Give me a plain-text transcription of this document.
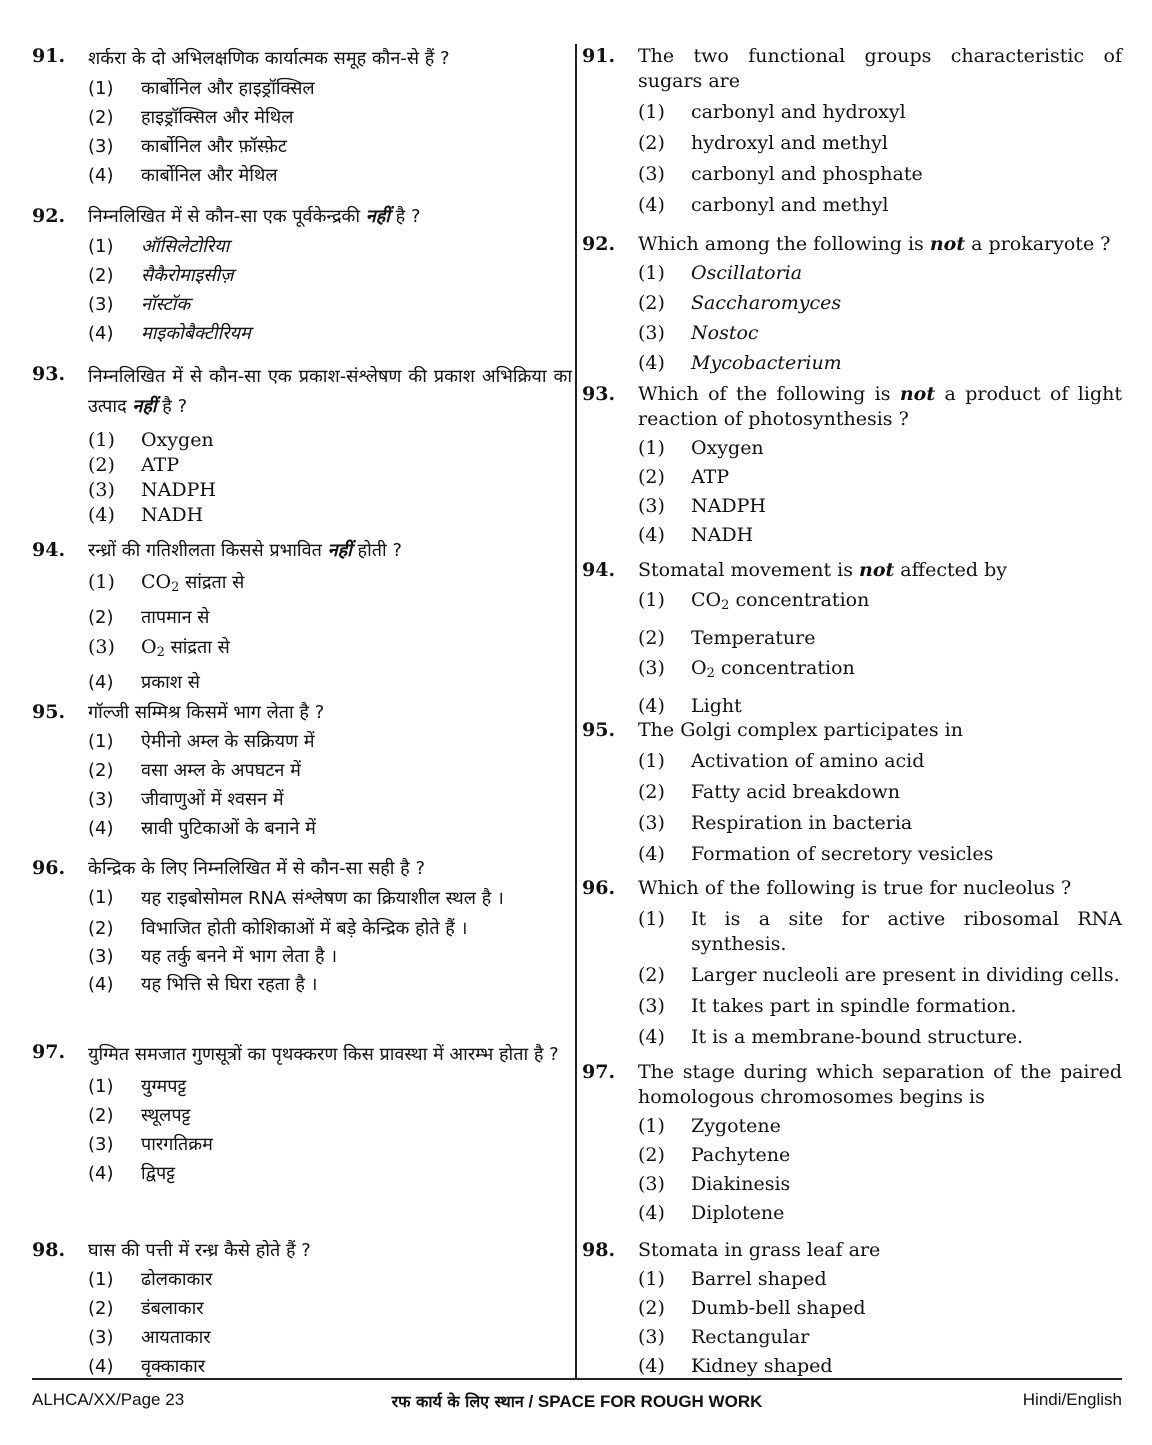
91. शर्करा के दो अभिलक्षणिक कार्यात्मक समूह कौन-से हैं ?
(1) कार्बोनिल और हाइड्रॉक्सिल
(2) हाइड्रॉक्सिल और मेथिल
(3) कार्बोनिल और फ़ॉस्फ़ेट
(4) कार्बोनिल और मेथिल
92. निम्नलिखित में से कौन-सा एक पूर्वकेन्द्रकी नहीं है ?
(1) ऑसिलेटोरिया
(2) सैकैरोमाइसीज़
(3) नॉस्टॉक
(4) माइकोबैक्टीरियम
93. निम्नलिखित में से कौन-सा एक प्रकाश-संश्लेषण की प्रकाश अभिक्रिया का उत्पाद नहीं है ?
(1) Oxygen
(2) ATP
(3) NADPH
(4) NADH
94. रन्ध्रों की गतिशीलता किससे प्रभावित नहीं होती ?
(1) $CO_2$ सांद्रता से
(2) तापमान से
(3) $O_2$ सांद्रता से
(4) प्रकाश से
95. गॉल्जी सम्मिश्र किसमें भाग लेता है ?
(1) ऐमीनो अम्ल के सक्रियण में
(2) वसा अम्ल के अपघटन में
(3) जीवाणुओं में श्वसन में
(4) स्रावी पुटिकाओं के बनाने में
96. केन्द्रिक के लिए निम्नलिखित में से कौन-सा सही है ?
(1) यह राइबोसोमल RNA संश्लेषण का क्रियाशील स्थल है ।
(2) विभाजित होती कोशिकाओं में बड़े केन्द्रिक होते हैं ।
(3) यह तर्कु बनने में भाग लेता है ।
(4) यह भित्ति से घिरा रहता है ।
97. युग्मित समजात गुणसूत्रों का पृथक्करण किस प्रावस्था में आरम्भ होता है ?
(1) युग्मपट्ट
(2) स्थूलपट्ट
(3) पारगतिक्रम
(4) द्विपट्ट
98. घास की पत्ती में रन्ध्र कैसे होते हैं ?
(1) ढोलकाकार
(2) डंबलाकार
(3) आयताकार
(4) वृक्काकार
91. The two functional groups characteristic of sugars are
(1) carbonyl and hydroxyl
(2) hydroxyl and methyl
(3) carbonyl and phosphate
(4) carbonyl and methyl
92. Which among the following is not a prokaryote ?
(1) Oscillatoria
(2) Saccharomyces
(3) Nostoc
(4) Mycobacterium
93. Which of the following is not a product of light reaction of photosynthesis ?
(1) Oxygen
(2) ATP
(3) NADPH
(4) NADH
94. Stomatal movement is not affected by
(1) $CO_2$ concentration
(2) Temperature
(3) $O_2$ concentration
(4) Light
95. The Golgi complex participates in
(1) Activation of amino acid
(2) Fatty acid breakdown
(3) Respiration in bacteria
(4) Formation of secretory vesicles
96. Which of the following is true for nucleolus ?
(1) It is a site for active ribosomal RNA synthesis.
(2) Larger nucleoli are present in dividing cells.
(3) It takes part in spindle formation.
(4) It is a membrane-bound structure.
97. The stage during which separation of the paired homologous chromosomes begins is
(1) Zygotene
(2) Pachytene
(3) Diakinesis
(4) Diplotene
98. Stomata in grass leaf are
(1) Barrel shaped
(2) Dumb-bell shaped
(3) Rectangular
(4) Kidney shaped
ALHCA/XX/Page 23	रफ कार्य के लिए स्थान / SPACE FOR ROUGH WORK	Hindi/English
